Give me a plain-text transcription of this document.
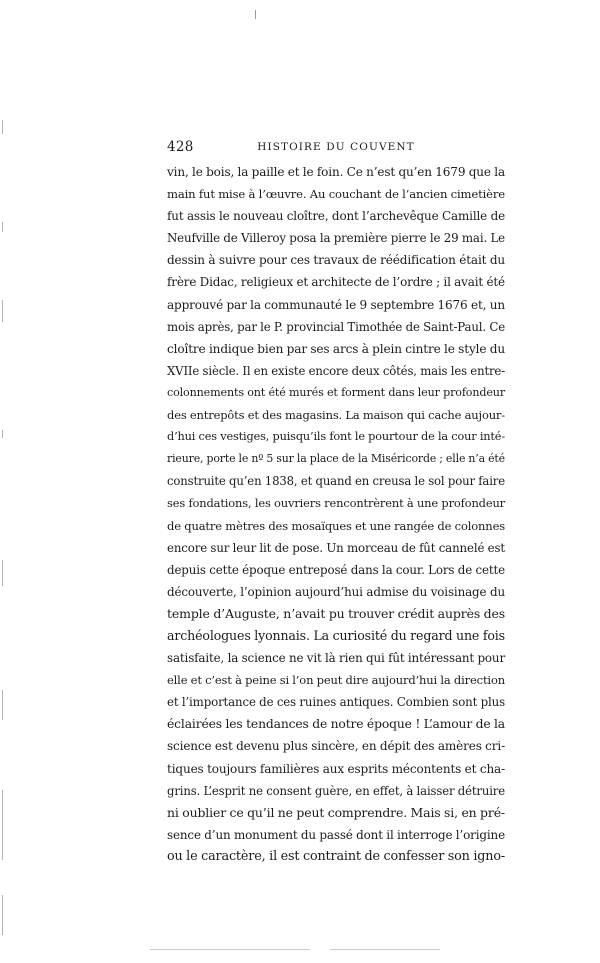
428	HISTOIRE DU COUVENT
vin, le bois, la paille et le foin. Ce n’est qu’en 1679 que la
main fut mise à l’œuvre. Au couchant de l’ancien cimetière
fut assis le nouveau cloître, dont l’archevêque Camille de
Neufville de Villeroy posa la première pierre le 29 mai. Le
dessin à suivre pour ces travaux de réédification était du
frère Didac, religieux et architecte de l’ordre ; il avait été
approuvé par la communauté le 9 septembre 1676 et, un
mois après, par le P. provincial Timothée de Saint-Paul. Ce
cloître indique bien par ses arcs à plein cintre le style du
XVIIe siècle. Il en existe encore deux côtés, mais les entre-
colonnements ont été murés et forment dans leur profondeur
des entrepôts et des magasins. La maison qui cache aujour-
d’hui ces vestiges, puisqu’ils font le pourtour de la cour inté-
rieure, porte le nº 5 sur la place de la Miséricorde ; elle n’a été
construite qu’en 1838, et quand en creusa le sol pour faire
ses fondations, les ouvriers rencontrèrent à une profondeur
de quatre mètres des mosaïques et une rangée de colonnes
encore sur leur lit de pose. Un morceau de fût cannelé est
depuis cette époque entreposé dans la cour. Lors de cette
découverte, l’opinion aujourd’hui admise du voisinage du
temple d’Auguste, n’avait pu trouver crédit auprès des
archéologues lyonnais. La curiosité du regard une fois
satisfaite, la science ne vit là rien qui fût intéressant pour
elle et c’est à peine si l’on peut dire aujourd’hui la direction
et l’importance de ces ruines antiques. Combien sont plus
éclairées les tendances de notre époque ! L’amour de la
science est devenu plus sincère, en dépit des amères cri-
tiques toujours familières aux esprits mécontents et cha-
grins. L’esprit ne consent guère, en effet, à laisser détruire
ni oublier ce qu’il ne peut comprendre. Mais si, en pré-
sence d’un monument du passé dont il interroge l’origine
ou le caractère, il est contraint de confesser son igno-
